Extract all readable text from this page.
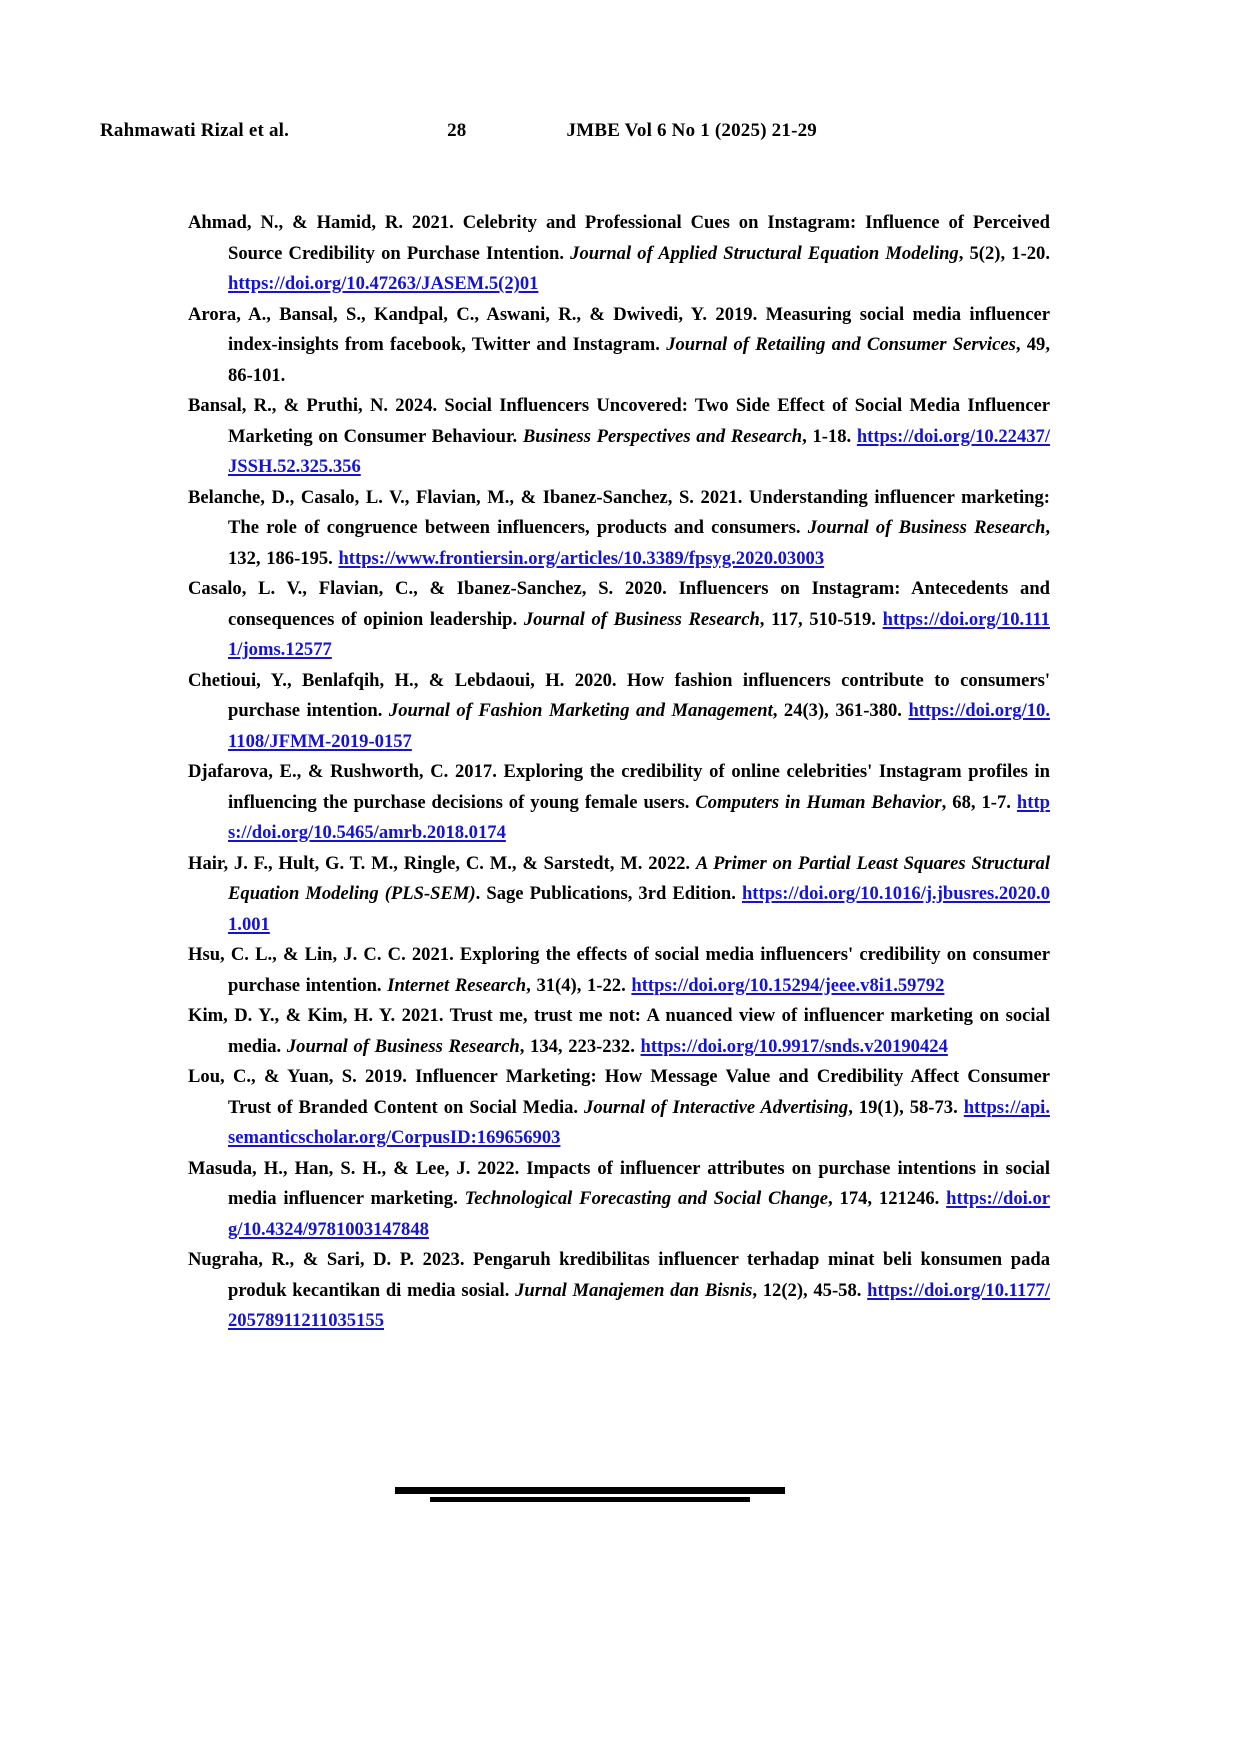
Rahmawati Rizal et al.	28	JMBE Vol 6 No 1 (2025) 21-29

Ahmad, N., & Hamid, R. 2021. Celebrity and Professional Cues on Instagram: Influence of Perceived Source Credibility on Purchase Intention. Journal of Applied Structural Equation Modeling, 5(2), 1-20. https://doi.org/10.47263/JASEM.5(2)01

Arora, A., Bansal, S., Kandpal, C., Aswani, R., & Dwivedi, Y. 2019. Measuring social media influencer index-insights from facebook, Twitter and Instagram. Journal of Retailing and Consumer Services, 49, 86-101.

Bansal, R., & Pruthi, N. 2024. Social Influencers Uncovered: Two Side Effect of Social Media Influencer Marketing on Consumer Behaviour. Business Perspectives and Research, 1-18. https://doi.org/10.22437/JSSH.52.325.356

Belanche, D., Casalo, L. V., Flavian, M., & Ibanez-Sanchez, S. 2021. Understanding influencer marketing: The role of congruence between influencers, products and consumers. Journal of Business Research, 132, 186-195. https://www.frontiersin.org/articles/10.3389/fpsyg.2020.03003

Casalo, L. V., Flavian, C., & Ibanez-Sanchez, S. 2020. Influencers on Instagram: Antecedents and consequences of opinion leadership. Journal of Business Research, 117, 510-519. https://doi.org/10.1111/joms.12577

Chetioui, Y., Benlafqih, H., & Lebdaoui, H. 2020. How fashion influencers contribute to consumers' purchase intention. Journal of Fashion Marketing and Management, 24(3), 361-380. https://doi.org/10.1108/JFMM-2019-0157

Djafarova, E., & Rushworth, C. 2017. Exploring the credibility of online celebrities' Instagram profiles in influencing the purchase decisions of young female users. Computers in Human Behavior, 68, 1-7. https://doi.org/10.5465/amrb.2018.0174

Hair, J. F., Hult, G. T. M., Ringle, C. M., & Sarstedt, M. 2022. A Primer on Partial Least Squares Structural Equation Modeling (PLS-SEM). Sage Publications, 3rd Edition. https://doi.org/10.1016/j.jbusres.2020.01.001

Hsu, C. L., & Lin, J. C. C. 2021. Exploring the effects of social media influencers' credibility on consumer purchase intention. Internet Research, 31(4), 1-22. https://doi.org/10.15294/jeee.v8i1.59792

Kim, D. Y., & Kim, H. Y. 2021. Trust me, trust me not: A nuanced view of influencer marketing on social media. Journal of Business Research, 134, 223-232. https://doi.org/10.9917/snds.v20190424

Lou, C., & Yuan, S. 2019. Influencer Marketing: How Message Value and Credibility Affect Consumer Trust of Branded Content on Social Media. Journal of Interactive Advertising, 19(1), 58-73. https://api.semanticscholar.org/CorpusID:169656903

Masuda, H., Han, S. H., & Lee, J. 2022. Impacts of influencer attributes on purchase intentions in social media influencer marketing. Technological Forecasting and Social Change, 174, 121246. https://doi.org/10.4324/9781003147848

Nugraha, R., & Sari, D. P. 2023. Pengaruh kredibilitas influencer terhadap minat beli konsumen pada produk kecantikan di media sosial. Jurnal Manajemen dan Bisnis, 12(2), 45-58. https://doi.org/10.1177/20578911211035155
